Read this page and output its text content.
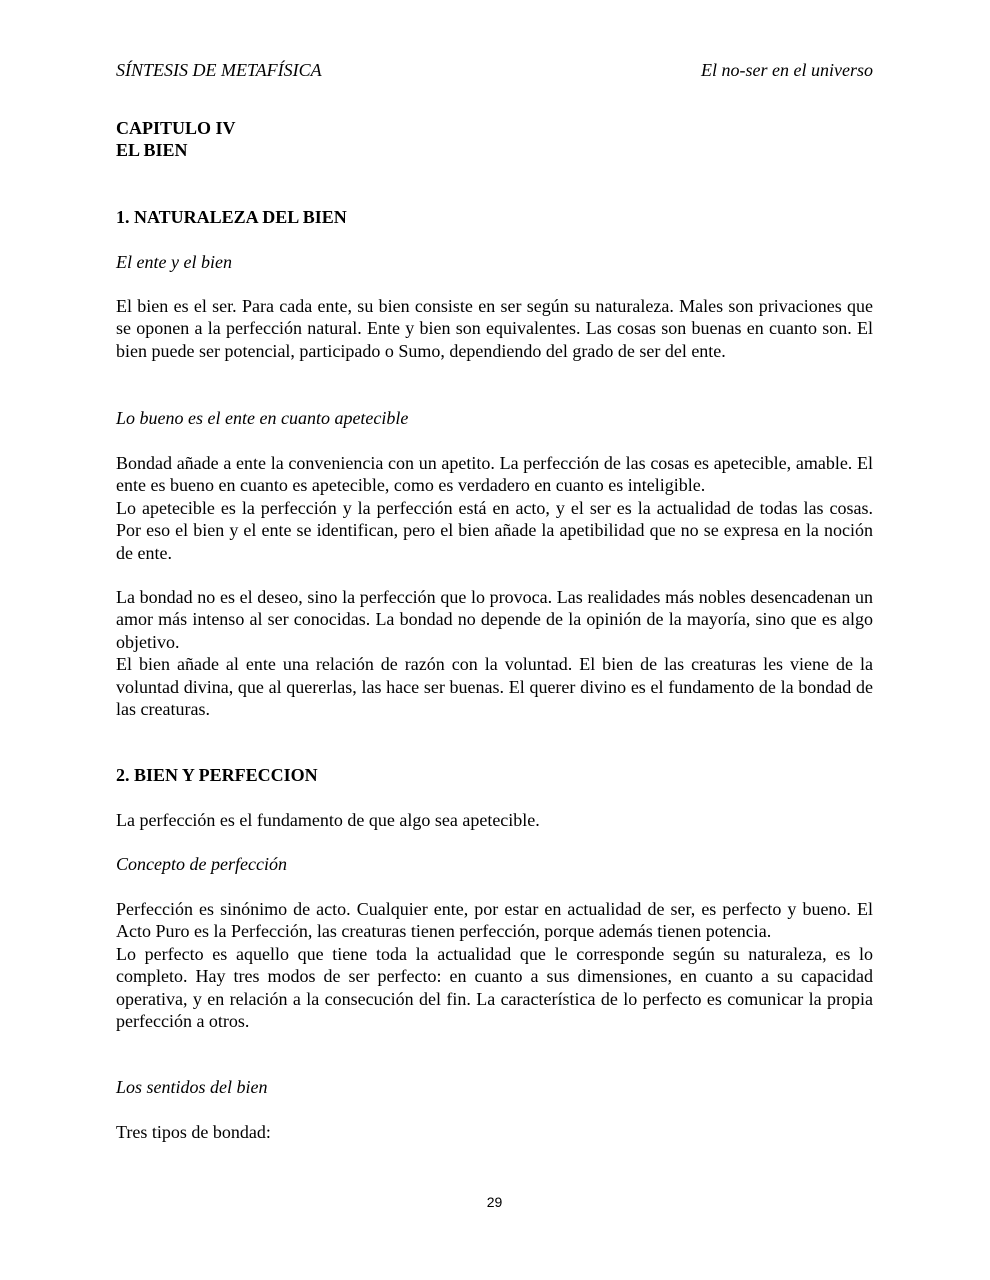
SÍNTESIS DE METAFÍSICA	El no-ser en el universo
CAPITULO IV
EL BIEN
1. NATURALEZA DEL BIEN
El ente y el bien

El bien es el ser. Para cada ente, su bien consiste en ser según su naturaleza. Males son privaciones que se oponen a la perfección natural. Ente y bien son equivalentes. Las cosas son buenas en cuanto son. El bien puede ser potencial, participado o Sumo, dependiendo del grado de ser del ente.

Lo bueno es el ente en cuanto apetecible

Bondad añade a ente la conveniencia con un apetito. La perfección de las cosas es apetecible, amable. El ente es bueno en cuanto es apetecible, como es verdadero en cuanto es inteligible.

Lo apetecible es la perfección y la perfección está en acto, y el ser es la actualidad de todas las cosas. Por eso el bien y el ente se identifican, pero el bien añade la apetibilidad que no se expresa en la noción de ente.

La bondad no es el deseo, sino la perfección que lo provoca. Las realidades más nobles desencadenan un amor más intenso al ser conocidas. La bondad no depende de la opinión de la mayoría, sino que es algo objetivo.

El bien añade al ente una relación de razón con la voluntad. El bien de las creaturas les viene de la voluntad divina, que al quererlas, las hace ser buenas. El querer divino es el fundamento de la bondad de las creaturas.

2. BIEN Y PERFECCION

La perfección es el fundamento de que algo sea apetecible.

Concepto de perfección

Perfección es sinónimo de acto. Cualquier ente, por estar en actualidad de ser, es perfecto y bueno. El Acto Puro es la Perfección, las creaturas tienen perfección, porque además tienen potencia.

Lo perfecto es aquello que tiene toda la actualidad que le corresponde según su naturaleza, es lo completo. Hay tres modos de ser perfecto: en cuanto a sus dimensiones, en cuanto a su capacidad operativa, y en relación a la consecución del fin. La característica de lo perfecto es comunicar la propia perfección a otros.

Los sentidos del bien

Tres tipos de bondad:

29
